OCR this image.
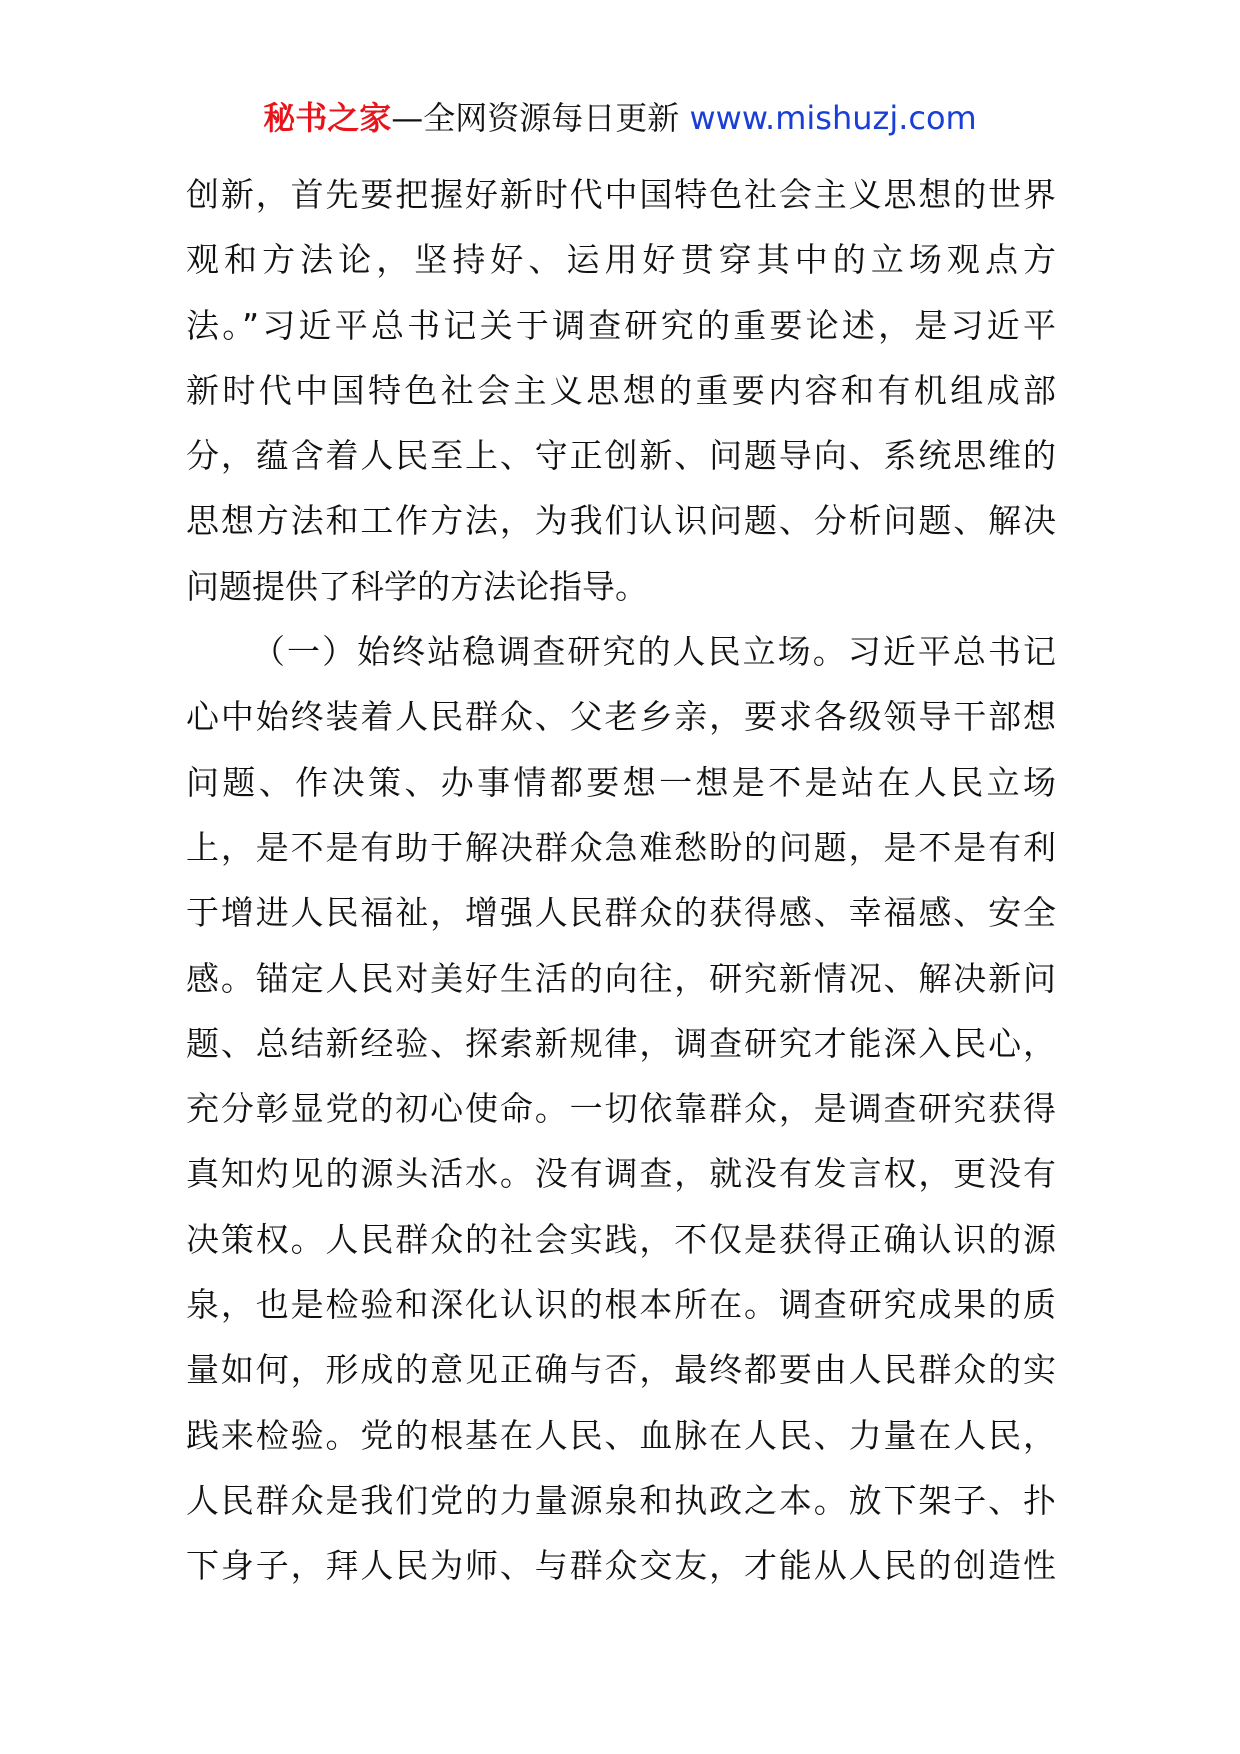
秘书之家—全网资源每日更新 www.mishuzj.com
创新，首先要把握好新时代中国特色社会主义思想的世界
观和方法论，坚持好、运用好贯穿其中的立场观点方
法。”习近平总书记关于调查研究的重要论述，是习近平
新时代中国特色社会主义思想的重要内容和有机组成部
分，蕴含着人民至上、守正创新、问题导向、系统思维的
思想方法和工作方法，为我们认识问题、分析问题、解决
问题提供了科学的方法论指导。
（一）始终站稳调查研究的人民立场。习近平总书记
心中始终装着人民群众、父老乡亲，要求各级领导干部想
问题、作决策、办事情都要想一想是不是站在人民立场
上，是不是有助于解决群众急难愁盼的问题，是不是有利
于增进人民福祉，增强人民群众的获得感、幸福感、安全
感。锚定人民对美好生活的向往，研究新情况、解决新问
题、总结新经验、探索新规律，调查研究才能深入民心，
充分彰显党的初心使命。一切依靠群众，是调查研究获得
真知灼见的源头活水。没有调查，就没有发言权，更没有
决策权。人民群众的社会实践，不仅是获得正确认识的源
泉，也是检验和深化认识的根本所在。调查研究成果的质
量如何，形成的意见正确与否，最终都要由人民群众的实
践来检验。党的根基在人民、血脉在人民、力量在人民，
人民群众是我们党的力量源泉和执政之本。放下架子、扑
下身子，拜人民为师、与群众交友，才能从人民的创造性
